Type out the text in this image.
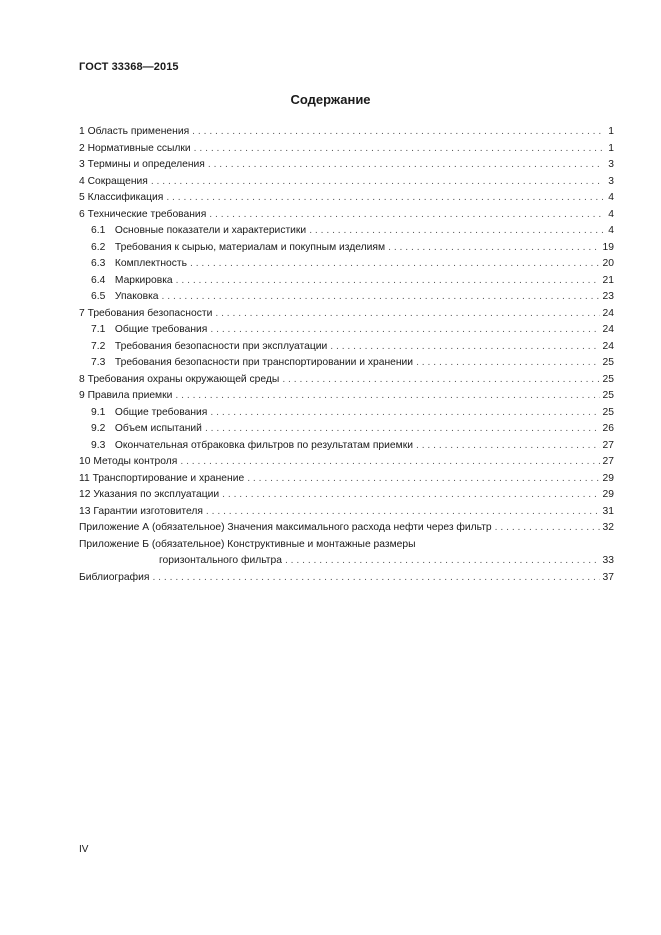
ГОСТ 33368—2015
Содержание
1
Область применения . . .	1
2
Нормативные ссылки . . .	1
3
Термины и определения . . .	3
4
Сокращения . . .	3
5
Классификация . . .	4
6
Технические требования . . .	4
6.1
Основные показатели и характеристики . . .	4
6.2
Требования к сырью, материалам и покупным изделиям . . .	19
6.3
Комплектность . . .	20
6.4
Маркировка . . .	21
6.5
Упаковка . . .	23
7
Требования безопасности . . .	24
7.1
Общие требования . . .	24
7.2
Требования безопасности при эксплуатации . . .	24
7.3
Требования безопасности при транспортировании и хранении . . .	25
8
Требования охраны окружающей среды . . .	25
9
Правила приемки . . .	25
9.1
Общие требования . . .	25
9.2
Объем испытаний . . .	26
9.3
Окончательная отбраковка фильтров по результатам приемки . . .	27
10
Методы контроля . . .	27
11
Транспортирование и хранение . . .	29
12
Указания по эксплуатации . . .	29
13
Гарантии изготовителя . . .	31
Приложение А (обязательное) Значения максимального расхода нефти через фильтр . . .	32
Приложение Б (обязательное) Конструктивные и монтажные размеры
горизонтального фильтра . . .	33
Библиография . . .	37
IV
